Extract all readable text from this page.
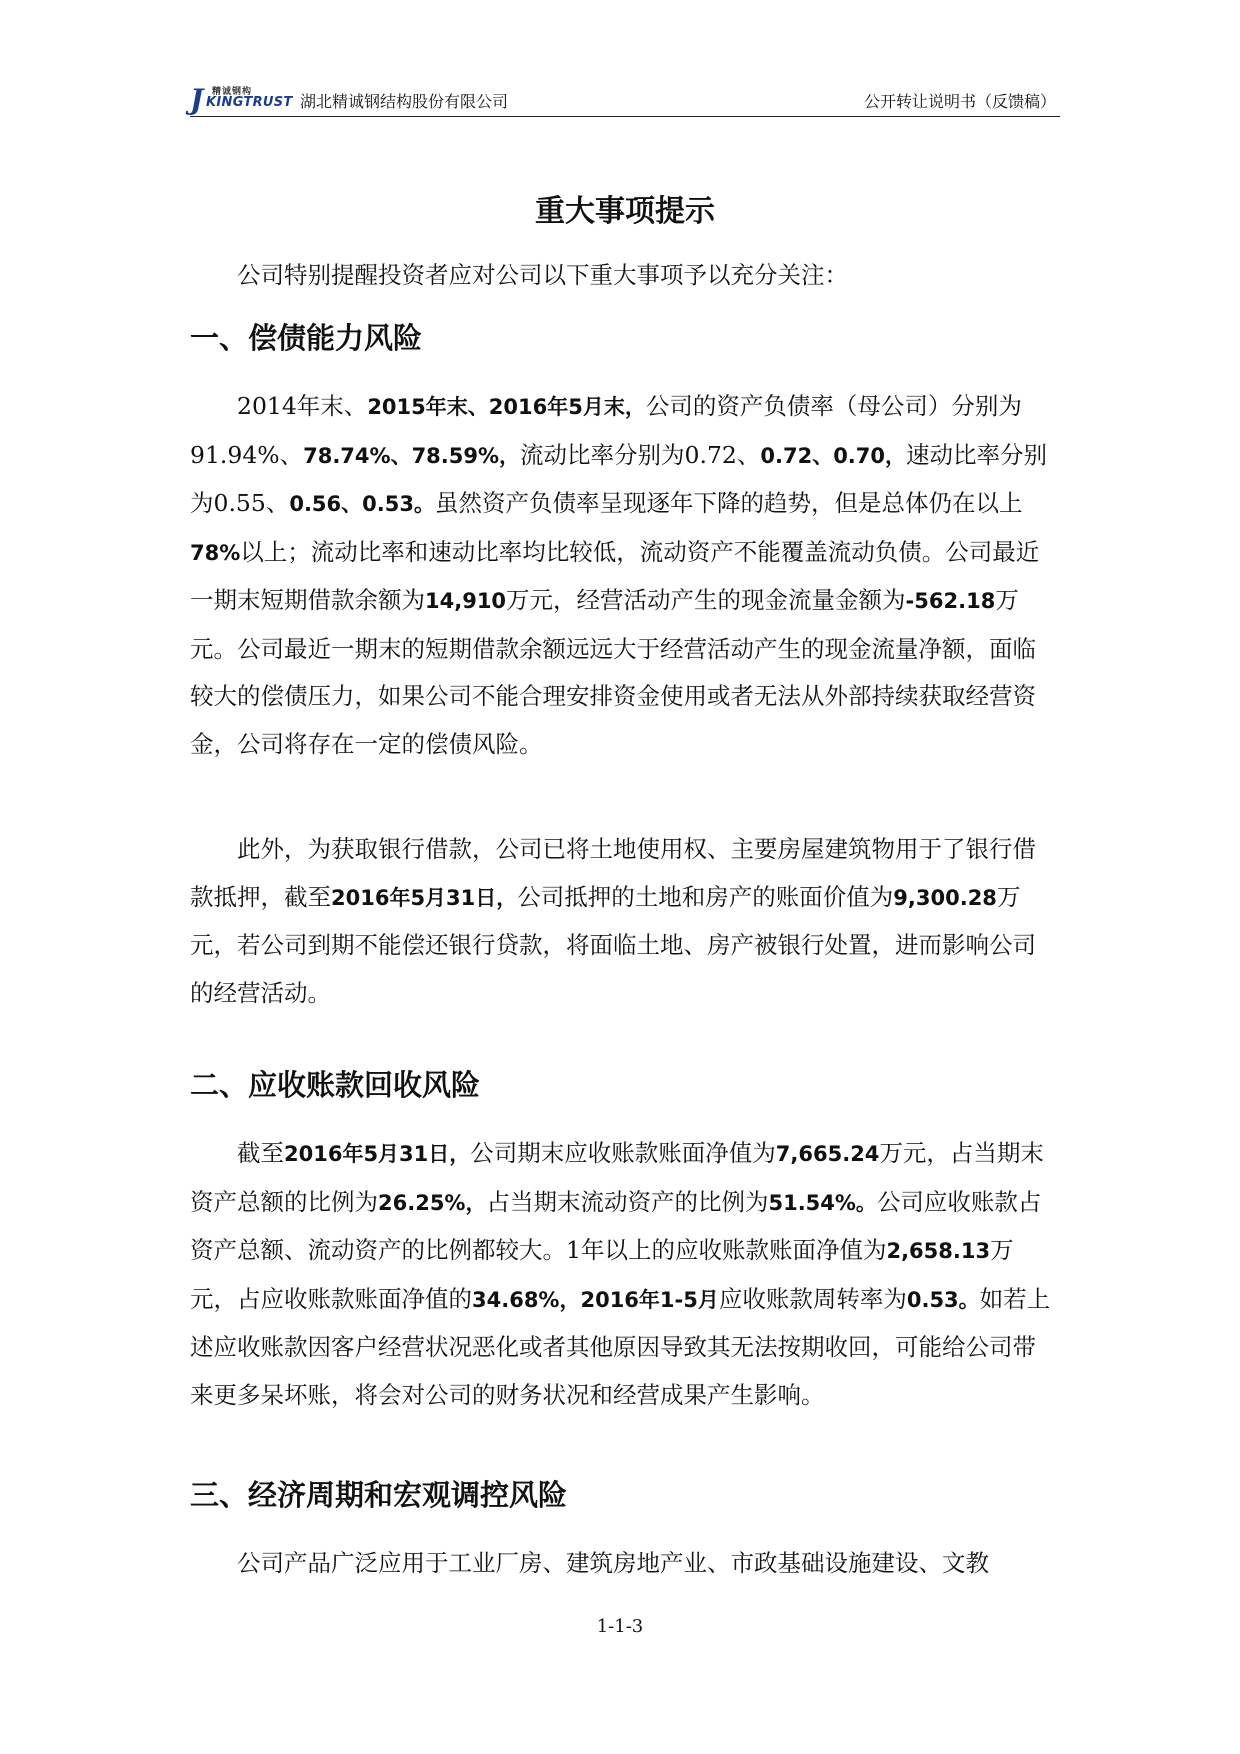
精诚钢构
J KINGTRUST 湖北精诚钢结构股份有限公司	公开转让说明书（反馈稿）
重大事项提示

公司特别提醒投资者应对公司以下重大事项予以充分关注：

一、偿债能力风险

2014年末、2015年末、2016年5月末，公司的资产负债率（母公司）分别为91.94%、78.74%、78.59%，流动比率分别为0.72、0.72、0.70，速动比率分别为0.55、0.56、0.53。虽然资产负债率呈现逐年下降的趋势，但是总体仍在以上78%以上；流动比率和速动比率均比较低，流动资产不能覆盖流动负债。公司最近一期末短期借款余额为14,910万元，经营活动产生的现金流量金额为-562.18万元。公司最近一期末的短期借款余额远远大于经营活动产生的现金流量净额，面临较大的偿债压力，如果公司不能合理安排资金使用或者无法从外部持续获取经营资金，公司将存在一定的偿债风险。

此外，为获取银行借款，公司已将土地使用权、主要房屋建筑物用于了银行借款抵押，截至2016年5月31日，公司抵押的土地和房产的账面价值为9,300.28万元，若公司到期不能偿还银行贷款，将面临土地、房产被银行处置，进而影响公司的经营活动。

二、应收账款回收风险

截至2016年5月31日，公司期末应收账款账面净值为7,665.24万元，占当期末资产总额的比例为26.25%，占当期末流动资产的比例为51.54%。公司应收账款占资产总额、流动资产的比例都较大。1年以上的应收账款账面净值为2,658.13万元，占应收账款账面净值的34.68%，2016年1-5月应收账款周转率为0.53。如若上述应收账款因客户经营状况恶化或者其他原因导致其无法按期收回，可能给公司带来更多呆坏账，将会对公司的财务状况和经营成果产生影响。

三、经济周期和宏观调控风险

公司产品广泛应用于工业厂房、建筑房地产业、市政基础设施建设、文教

1-1-3
